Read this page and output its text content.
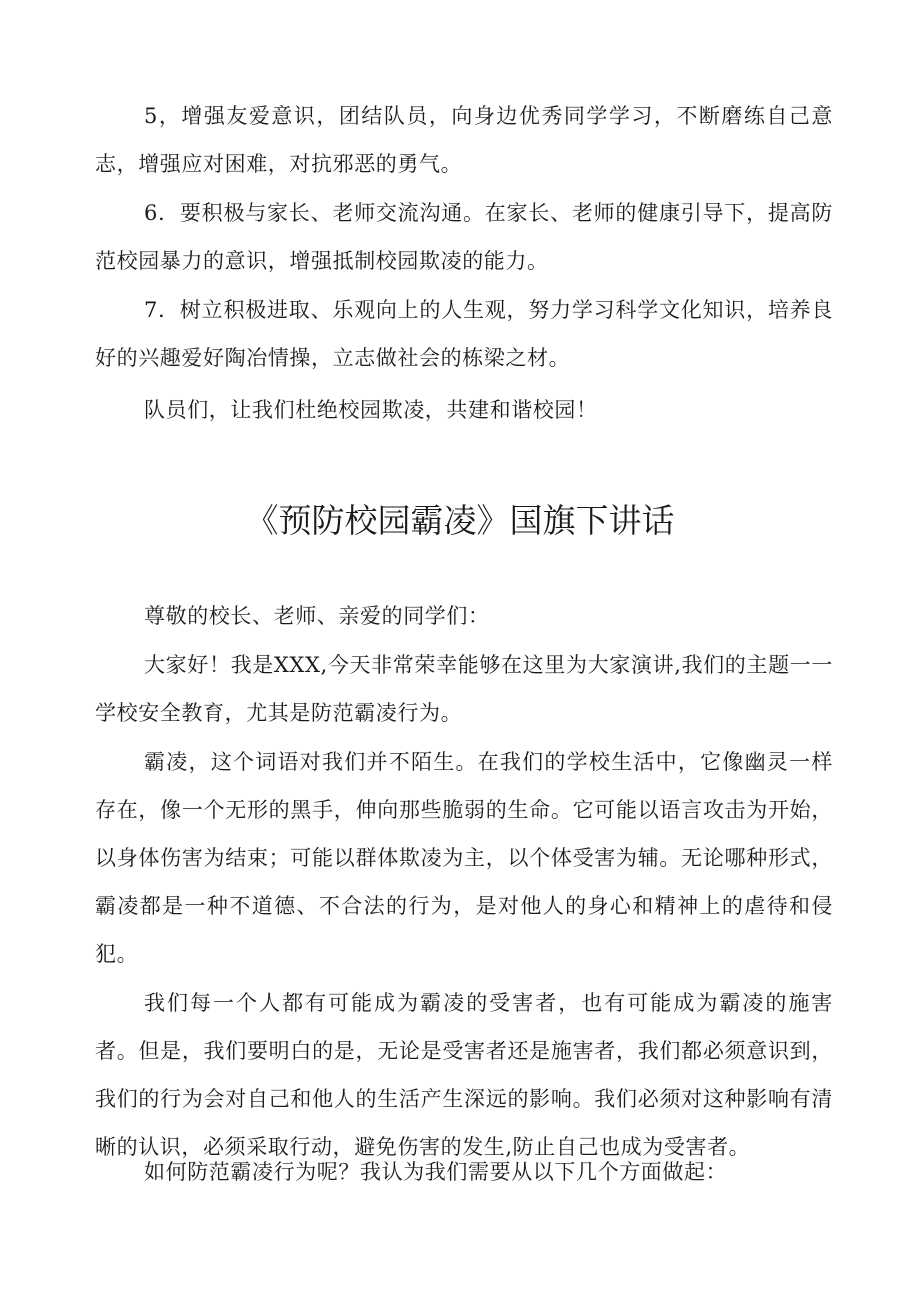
5，增强友爱意识，团结队员，向身边优秀同学学习，不断磨练自己意志，增强应对困难，对抗邪恶的勇气。

6．要积极与家长、老师交流沟通。在家长、老师的健康引导下，提高防范校园暴力的意识，增强抵制校园欺凌的能力。

7．树立积极进取、乐观向上的人生观，努力学习科学文化知识，培养良好的兴趣爱好陶冶情操，立志做社会的栋梁之材。

队员们，让我们杜绝校园欺凌，共建和谐校园！

《预防校园霸凌》国旗下讲话

尊敬的校长、老师、亲爱的同学们：

大家好！我是XXX,今天非常荣幸能够在这里为大家演讲,我们的主题一一学校安全教育，尤其是防范霸凌行为。

霸凌，这个词语对我们并不陌生。在我们的学校生活中，它像幽灵一样存在，像一个无形的黑手，伸向那些脆弱的生命。它可能以语言攻击为开始，以身体伤害为结束；可能以群体欺凌为主，以个体受害为辅。无论哪种形式，霸凌都是一种不道德、不合法的行为，是对他人的身心和精神上的虐待和侵犯。

我们每一个人都有可能成为霸凌的受害者，也有可能成为霸凌的施害者。但是，我们要明白的是，无论是受害者还是施害者，我们都必须意识到，我们的行为会对自己和他人的生活产生深远的影响。我们必须对这种影响有清晰的认识，必须采取行动，避免伤害的发生,防止自己也成为受害者。

如何防范霸凌行为呢？我认为我们需要从以下几个方面做起：
